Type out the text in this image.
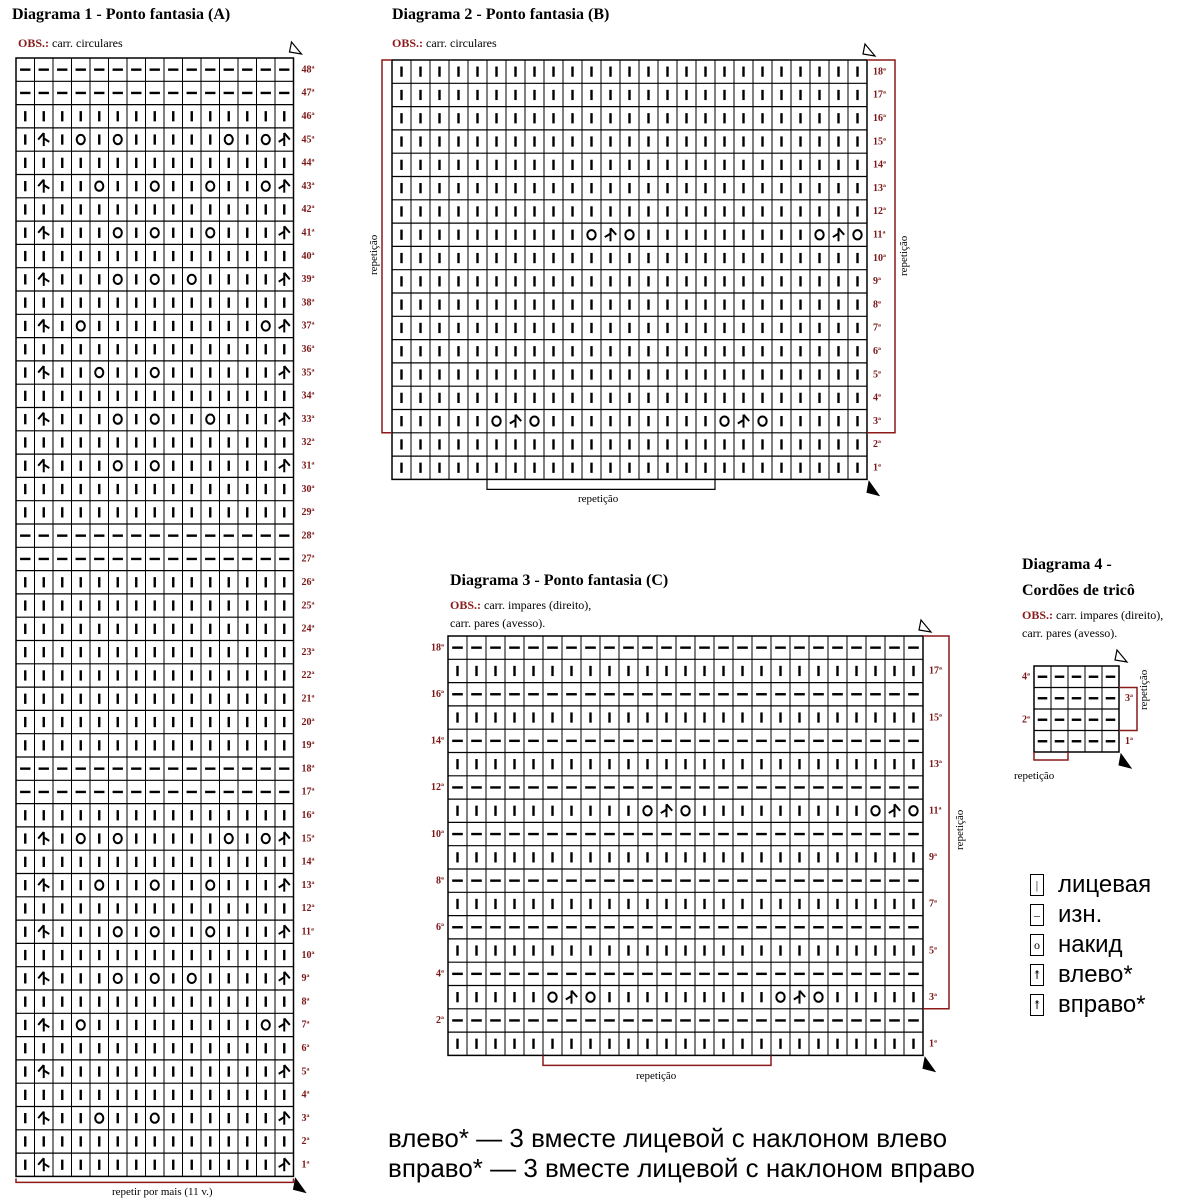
Diagrama 1 - Ponto fantasia (A)
OBS.: carr. circulares
repetir por mais (11 v.)
Diagrama 2 - Ponto fantasia (B)
OBS.: carr. circulares
repetição
repetição	repetição
Diagrama 3 - Ponto fantasia (C)
OBS.: carr. impares (direito),
carr. pares (avesso).
repetição
repetição
Diagrama 4 -
Cordões de tricô
OBS.: carr. impares (direito),
carr. pares (avesso).
repetição
repetição
48ª
47ª
46ª
45ª
44ª
43ª
42ª
41ª
40ª
39ª
38ª
37ª
36ª
35ª
34ª
33ª
32ª
31ª
30ª
29ª
28ª
27ª
26ª
25ª
24ª
23ª
22ª
21ª
20ª
19ª
18ª
17ª
16ª
15ª
14ª
13ª
12ª
11ª
10ª
9ª
8ª
7ª
6ª
5ª
4ª
3ª
2ª
1ª
18ª
17ª
16ª
15ª
14ª
13ª
12ª
11ª
10ª
9ª
8ª
7ª
6ª
5ª
4ª
3ª
2ª
1ª
17ª
15ª
13ª
11ª
9ª
7ª
5ª
3ª
1ª
18ª
16ª
14ª
12ª
10ª
8ª
6ª
4ª
2ª
3ª
1ª
4ª
2ª
| лицевая
– изн.
o накид
↟ влево*
↟ вправо*
влево* — 3 вместе лицевой с наклоном влево
вправо* — 3 вместе лицевой с наклоном вправо
